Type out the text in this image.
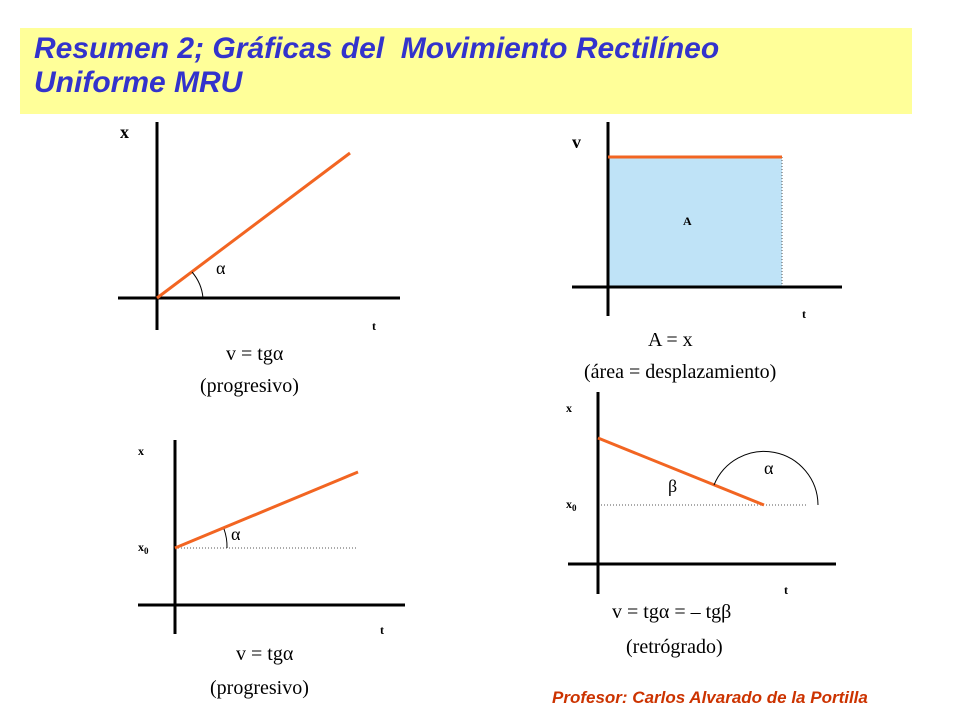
Resumen 2; Gráficas del  Movimiento Rectilíneo

Uniforme MRU

x
t
α
v = tgα
(progresivo)
v
A
t
A = x
(área = desplazamiento)
x
$x_0$
t
α
v = tgα
(progresivo)
x
$x_0$
t
α
β
v = tgα = – tgβ
(retrógrado)

Profesor: Carlos Alvarado de la Portilla
